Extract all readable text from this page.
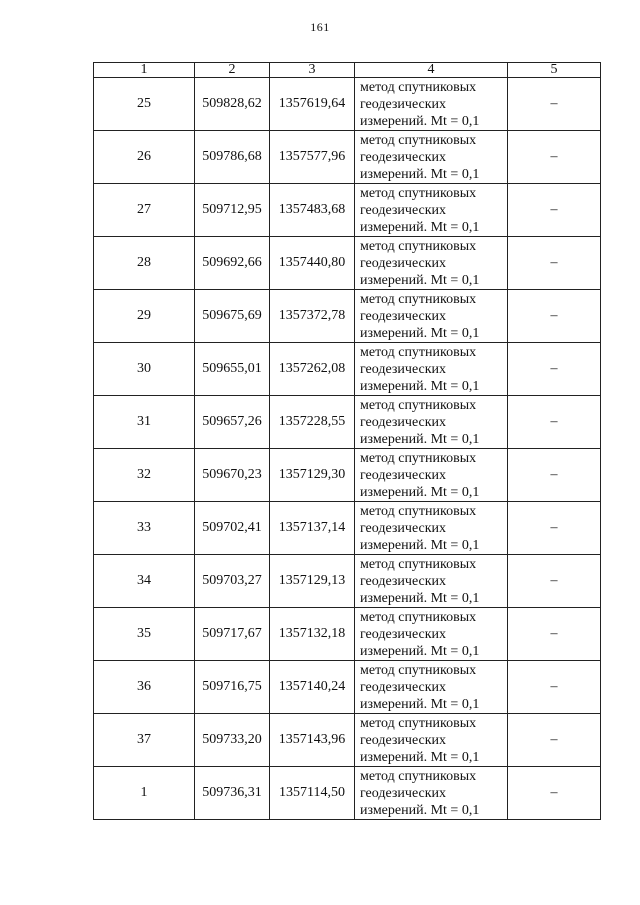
161
1	2	3	4	5
25	509828,62	1357619,64	метод спутниковых
геодезических
измерений. Mt = 0,1	–
26	509786,68	1357577,96	метод спутниковых
геодезических
измерений. Mt = 0,1	–
27	509712,95	1357483,68	метод спутниковых
геодезических
измерений. Mt = 0,1	–
28	509692,66	1357440,80	метод спутниковых
геодезических
измерений. Mt = 0,1	–
29	509675,69	1357372,78	метод спутниковых
геодезических
измерений. Mt = 0,1	–
30	509655,01	1357262,08	метод спутниковых
геодезических
измерений. Mt = 0,1	–
31	509657,26	1357228,55	метод спутниковых
геодезических
измерений. Mt = 0,1	–
32	509670,23	1357129,30	метод спутниковых
геодезических
измерений. Mt = 0,1	–
33	509702,41	1357137,14	метод спутниковых
геодезических
измерений. Mt = 0,1	–
34	509703,27	1357129,13	метод спутниковых
геодезических
измерений. Mt = 0,1	–
35	509717,67	1357132,18	метод спутниковых
геодезических
измерений. Mt = 0,1	–
36	509716,75	1357140,24	метод спутниковых
геодезических
измерений. Mt = 0,1	–
37	509733,20	1357143,96	метод спутниковых
геодезических
измерений. Mt = 0,1	–
1	509736,31	1357114,50	метод спутниковых
геодезических
измерений. Mt = 0,1	–
